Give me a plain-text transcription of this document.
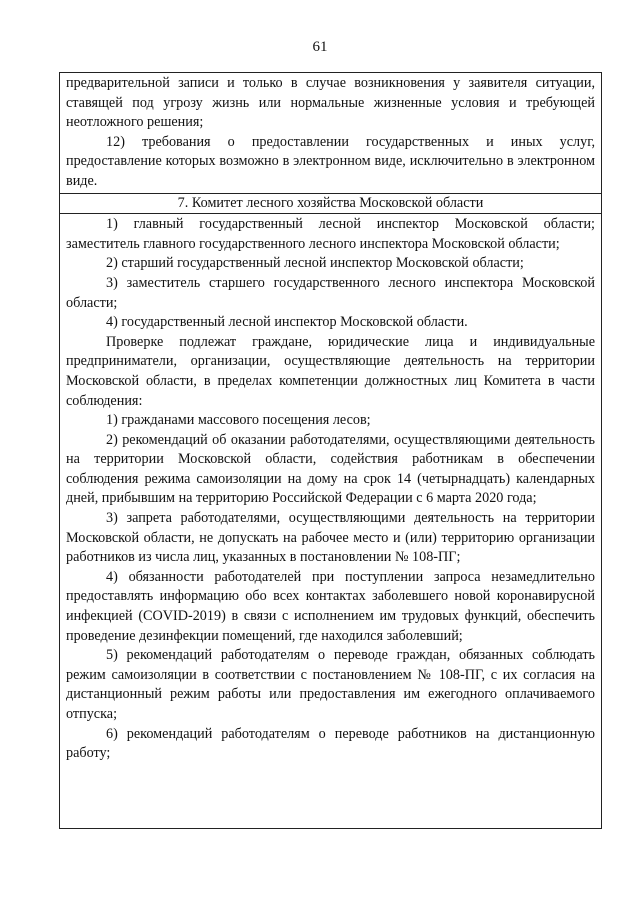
61

предварительной записи и только в случае возникновения у заявителя ситуации, ставящей под угрозу жизнь или нормальные жизненные условия и требующей неотложного решения;

12) требования о предоставлении государственных и иных услуг, предоставление которых возможно в электронном виде, исключительно в электронном виде.

7. Комитет лесного хозяйства Московской области

1) главный государственный лесной инспектор Московской области; заместитель главного государственного лесного инспектора Московской области;

2) старший государственный лесной инспектор Московской области;

3) заместитель старшего государственного лесного инспектора Московской области;

4) государственный лесной инспектор Московской области.

Проверке подлежат граждане, юридические лица и индивидуальные предприниматели, организации, осуществляющие деятельность на территории Московской области, в пределах компетенции должностных лиц Комитета в части соблюдения:

1) гражданами массового посещения лесов;

2) рекомендаций об оказании работодателями, осуществляющими деятельность на территории Московской области, содействия работникам в обеспечении соблюдения режима самоизоляции на дому на срок 14 (четырнадцать) календарных дней, прибывшим на территорию Российской Федерации с 6 марта 2020 года;

3) запрета работодателями, осуществляющими деятельность на территории Московской области, не допускать на рабочее место и (или) территорию организации работников из числа лиц, указанных в постановлении № 108-ПГ;

4) обязанности работодателей при поступлении запроса незамедлительно предоставлять информацию обо всех контактах заболевшего новой коронавирусной инфекцией (COVID-2019) в связи с исполнением им трудовых функций, обеспечить проведение дезинфекции помещений, где находился заболевший;

5) рекомендаций работодателям о переводе граждан, обязанных соблюдать режим самоизоляции в соответствии с постановлением № 108-ПГ, с их согласия на дистанционный режим работы или предоставления им ежегодного оплачиваемого отпуска;

6) рекомендаций работодателям о переводе работников на дистанционную работу;
